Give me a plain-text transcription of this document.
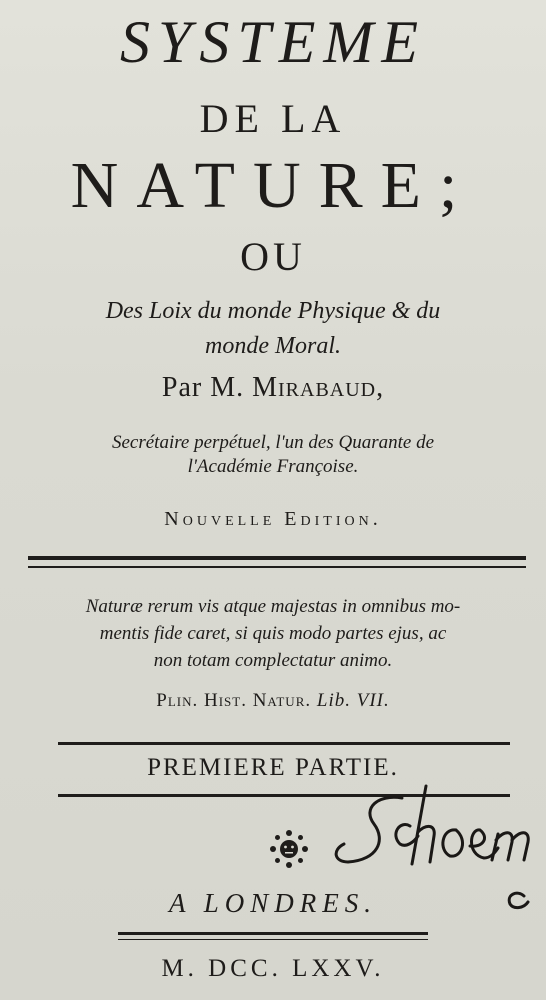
SYSTEME
DE LA
NATURE;
OU
Des Loix du monde Physique & du
monde Moral.
Par M. Mirabaud,
Secrétaire perpétuel, l'un des Quarante de
l'Académie Françoise.
Nouvelle Edition.
Naturæ rerum vis atque majestas in omnibus mo-
mentis fide caret, si quis modo partes ejus, ac
non totam complectatur animo.
Plin. Hist. Natur. Lib. VII.
PREMIERE PARTIE.
A LONDRES.
M. DCC. LXXV.
